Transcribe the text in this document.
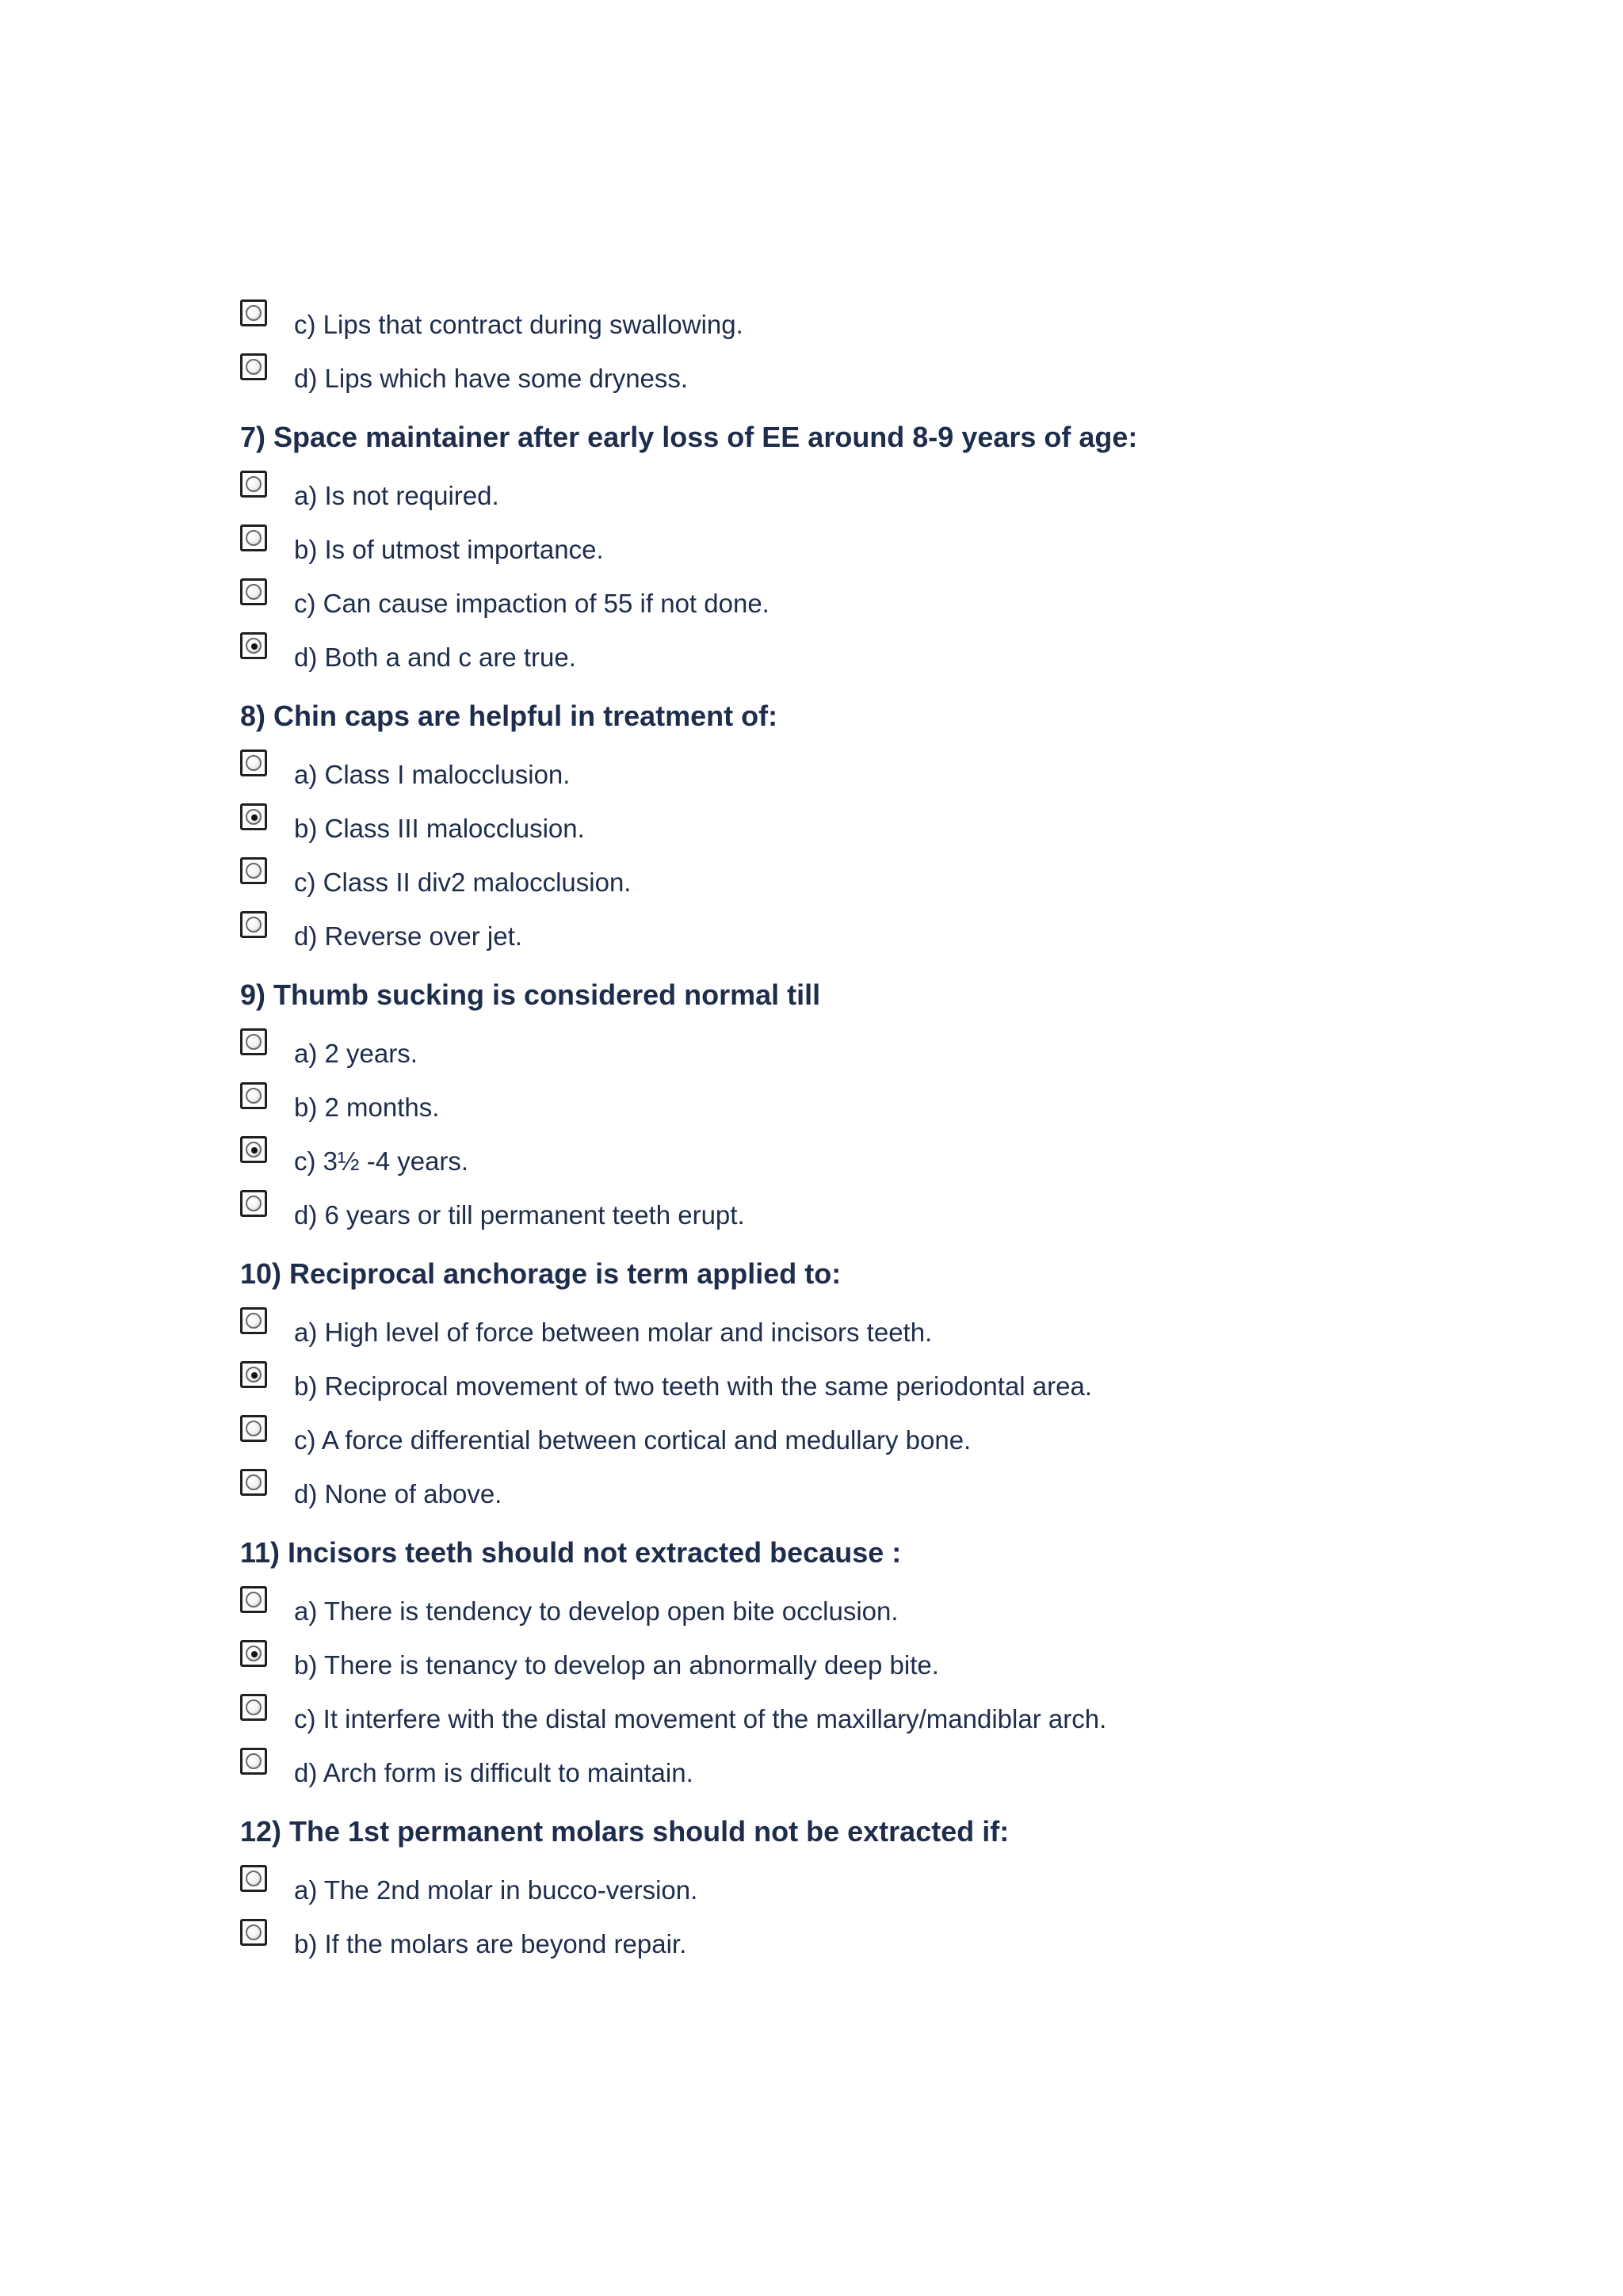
c) Lips that contract during swallowing.
d) Lips which have some dryness.
7) Space maintainer after early loss of EE around 8-9 years of age:
a) Is not required.
b) Is of utmost importance.
c) Can cause impaction of 55 if not done.
d) Both a and c are true.
8) Chin caps are helpful in treatment of:
a) Class I malocclusion.
b) Class III malocclusion.
c) Class II div2 malocclusion.
d) Reverse over jet.
9) Thumb sucking is considered normal till
a) 2 years.
b) 2 months.
c) 3½ -4 years.
d) 6 years or till permanent teeth erupt.
10) Reciprocal anchorage is term applied to:
a) High level of force between molar and incisors teeth.
b) Reciprocal movement of two teeth with the same periodontal area.
c) A force differential between cortical and medullary bone.
d) None of above.
11) Incisors teeth should not extracted because :
a) There is tendency to develop open bite occlusion.
b) There is tenancy to develop an abnormally deep bite.
c) It interfere with the distal movement of the maxillary/mandiblar arch.
d) Arch form is difficult to maintain.
12) The 1st permanent molars should not be extracted if:
a) The 2nd molar in bucco-version.
b) If the molars are beyond repair.
